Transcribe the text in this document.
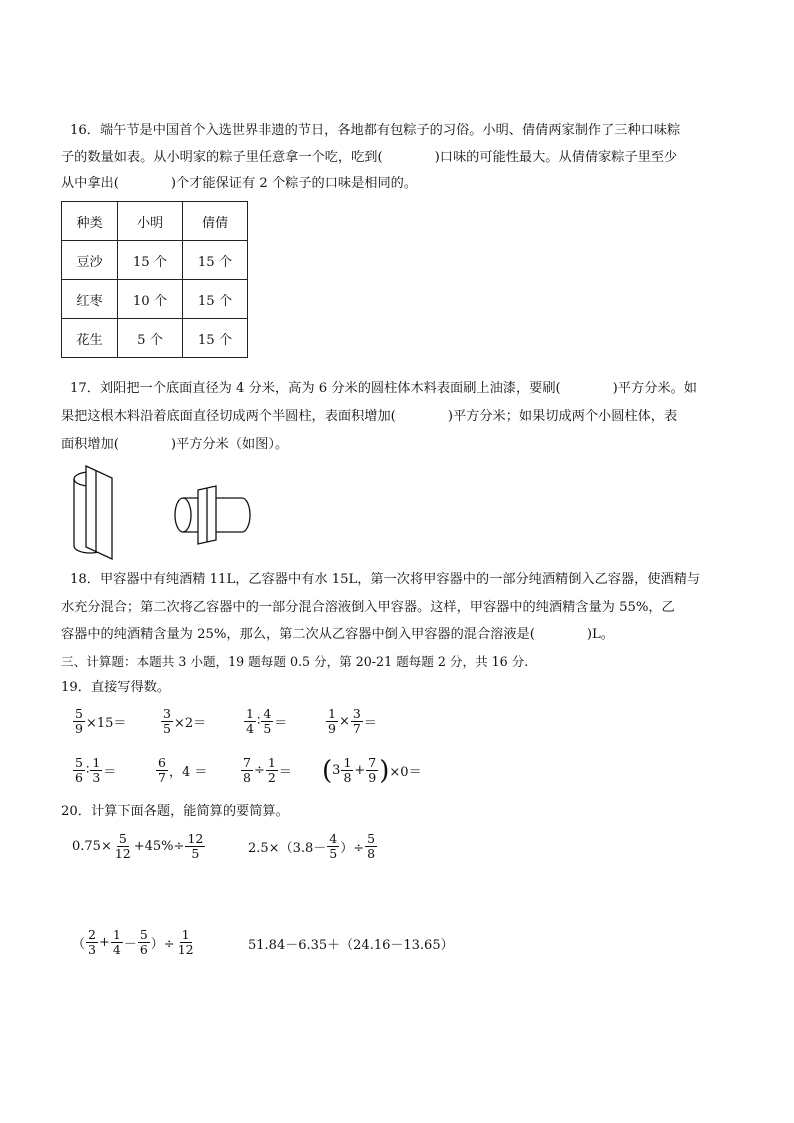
16．端午节是中国首个入选世界非遗的节日，各地都有包粽子的习俗。小明、倩倩两家制作了三种口味粽
子的数量如表。从小明家的粽子里任意拿一个吃，吃到(	)口味的可能性最大。从倩倩家粽子里至少
从中拿出(	)个才能保证有 2 个粽子的口味是相同的。
种类	小明	倩倩
豆沙	15 个	15 个
红枣	10 个	15 个
花生	5 个	15 个
17．刘阳把一个底面直径为 4 分米，高为 6 分米的圆柱体木料表面刷上油漆，要刷(	)平方分米。如
果把这根木料沿着底面直径切成两个半圆柱，表面积增加(	)平方分米；如果切成两个小圆柱体，表
面积增加(	)平方分米（如图）。
18．甲容器中有纯酒精 11L，乙容器中有水 15L，第一次将甲容器中的一部分纯酒精倒入乙容器，使酒精与
水充分混合；第二次将乙容器中的一部分混合溶液倒入甲容器。这样，甲容器中的纯酒精含量为 55%，乙
容器中的纯酒精含量为 25%，那么，第二次从乙容器中倒入甲容器的混合溶液是(	)L。
三、计算题：本题共 3 小题，19 题每题 0.5 分，第 20-21 题每题 2 分，共 16 分.
19．直接写得数。
$\frac{5}{9} \times 15=$	$\frac{3}{5} \times 2=$	$\frac{1}{4}$ ∶ $\frac{4}{5}$ ＝	$\frac{1}{9} \times \frac{3}{7}$ ＝
$\frac{5}{6}$ ∶ $\frac{1}{3}$ ＝	$\frac{6}{7}$ ，4 ＝	$\frac{7}{8} \div \frac{1}{2}$ ＝ ( $3 \frac{1}{8} + \frac{7}{9}$ ) ×0＝
20．计算下面各题，能简算的要简算。
$0.75\times \frac{5}{12} +45\%\div \frac{12}{5}$	$2.5\times(3.8- \frac{4}{5}$ ）÷ $\frac{5}{8}$
（ $\frac{2}{3} + \frac{1}{4} - \frac{5}{6}$ ）÷ $\frac{1}{12}$	51.84－6.35＋（24.16－13.65）
